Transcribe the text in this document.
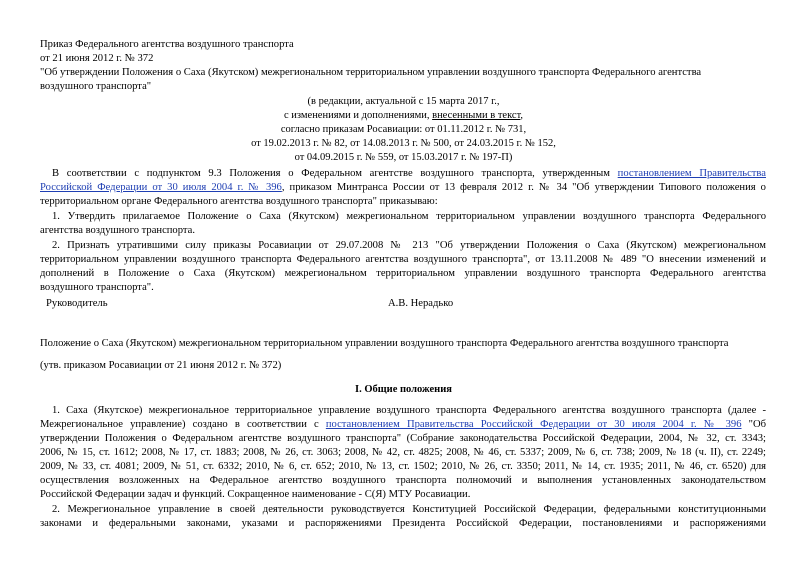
Приказ Федерального агентства воздушного транспорта
от 21 июня 2012 г. № 372
"Об утверждении Положения о Саха (Якутском) межрегиональном территориальном управлении воздушного транспорта Федерального агентства
воздушного транспорта"
(в редакции, актуальной с 15 марта 2017 г.,
с изменениями и дополнениями, внесенными в текст,
согласно приказам Росавиации: от 01.11.2012 г. № 731,
от 19.02.2013 г. № 82, от 14.08.2013 г. № 500, от 24.03.2015 г. № 152,
от 04.09.2015 г. № 559, от 15.03.2017 г. № 197-П)
В соответствии с подпунктом 9.3 Положения о Федеральном агентстве воздушного транспорта, утвержденным постановлением Правительства
Российской Федерации от 30 июля 2004 г. № 396, приказом Минтранса России от 13 февраля 2012 г. № 34 "Об утверждении Типового положения о
территориальном органе Федерального агентства воздушного транспорта" приказываю:
1. Утвердить прилагаемое Положение о Саха (Якутском) межрегиональном территориальном управлении воздушного транспорта Федерального
агентства воздушного транспорта.
2. Признать утратившими силу приказы Росавиации от 29.07.2008 № 213 "Об утверждении Положения о Саха (Якутском) межрегиональном
территориальном управлении воздушного транспорта Федерального агентства воздушного транспорта", от 13.11.2008 № 489 "О внесении изменений и
дополнений в Положение о Саха (Якутском) межрегиональном территориальном управлении воздушного транспорта Федерального агентства
воздушного транспорта".
Руководитель	А.В. Нерадько
Положение о Саха (Якутском) межрегиональном территориальном управлении воздушного транспорта Федерального агентства воздушного транспорта
(утв. приказом Росавиации от 21 июня 2012 г. № 372)
I. Общие положения
1. Саха (Якутское) межрегиональное территориальное управление воздушного транспорта Федерального агентства воздушного транспорта (далее -
Межрегиональное управление) создано в соответствии с постановлением Правительства Российской Федерации от 30 июля 2004 г. № 396 "Об
утверждении Положения о Федеральном агентстве воздушного транспорта" (Собрание законодательства Российской Федерации, 2004, № 32, ст. 3343;
2006, № 15, ст. 1612; 2008, № 17, ст. 1883; 2008, № 26, ст. 3063; 2008, № 42, ст. 4825; 2008, № 46, ст. 5337; 2009, № 6, ст. 738; 2009, № 18 (ч. II), ст. 2249;
2009, № 33, ст. 4081; 2009, № 51, ст. 6332; 2010, № 6, ст. 652; 2010, № 13, ст. 1502; 2010, № 26, ст. 3350; 2011, № 14, ст. 1935; 2011, № 46, ст. 6520) для
осуществления возложенных на Федеральное агентство воздушного транспорта полномочий и выполнения установленных законодательством
Российской Федерации задач и функций. Сокращенное наименование - С(Я) МТУ Росавиации.
2. Межрегиональное управление в своей деятельности руководствуется Конституцией Российской Федерации, федеральными конституционными
законами и федеральными законами, указами и распоряжениями Президента Российской Федерации, постановлениями и распоряжениями
